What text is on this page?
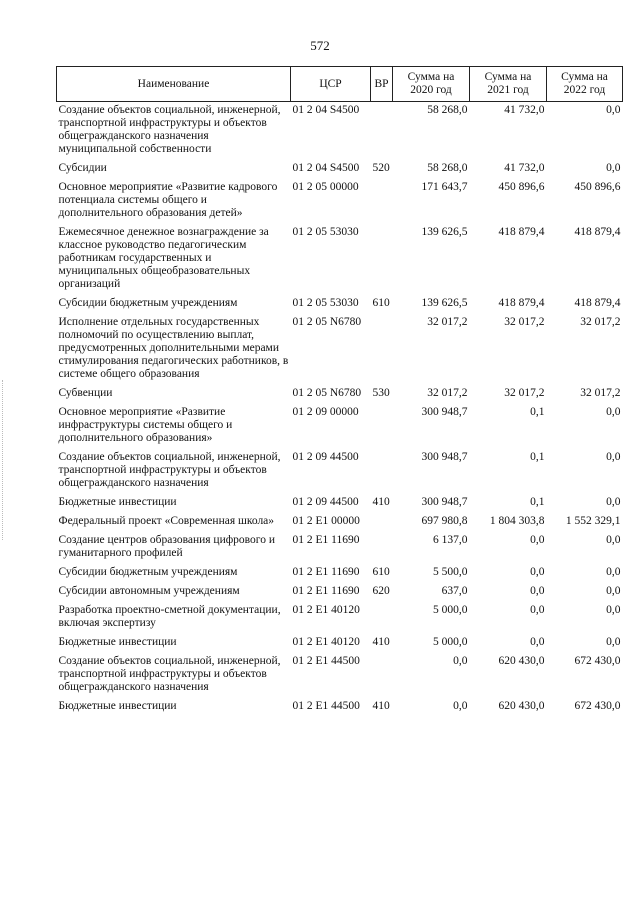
572
Наименование	ЦСР	ВР	Сумма на 2020 год	Сумма на 2021 год	Сумма на 2022 год
Создание объектов социальной, инженерной, транспортной инфраструктуры и объектов общегражданского назначения муниципальной собственности	01 2 04 S4500		58 268,0	41 732,0	0,0
Субсидии	01 2 04 S4500	520	58 268,0	41 732,0	0,0
Основное мероприятие «Развитие кадрового потенциала системы общего и дополнительного образования детей»	01 2 05 00000		171 643,7	450 896,6	450 896,6
Ежемесячное денежное вознаграждение за классное руководство педагогическим работникам государственных и муниципальных общеобразовательных организаций	01 2 05 53030		139 626,5	418 879,4	418 879,4
Субсидии бюджетным учреждениям	01 2 05 53030	610	139 626,5	418 879,4	418 879,4
Исполнение отдельных государственных полномочий по осуществлению выплат, предусмотренных дополнительными мерами стимулирования педагогических работников, в системе общего образования	01 2 05 N6780		32 017,2	32 017,2	32 017,2
Субвенции	01 2 05 N6780	530	32 017,2	32 017,2	32 017,2
Основное мероприятие «Развитие инфраструктуры системы общего и дополнительного образования»	01 2 09 00000		300 948,7	0,1	0,0
Создание объектов социальной, инженерной, транспортной инфраструктуры и объектов общегражданского назначения	01 2 09 44500		300 948,7	0,1	0,0
Бюджетные инвестиции	01 2 09 44500	410	300 948,7	0,1	0,0
Федеральный проект «Современная школа»	01 2 E1 00000		697 980,8	1 804 303,8	1 552 329,1
Создание центров образования цифрового и гуманитарного профилей	01 2 E1 11690		6 137,0	0,0	0,0
Субсидии бюджетным учреждениям	01 2 E1 11690	610	5 500,0	0,0	0,0
Субсидии автономным учреждениям	01 2 E1 11690	620	637,0	0,0	0,0
Разработка проектно-сметной документации, включая экспертизу	01 2 E1 40120		5 000,0	0,0	0,0
Бюджетные инвестиции	01 2 E1 40120	410	5 000,0	0,0	0,0
Создание объектов социальной, инженерной, транспортной инфраструктуры и объектов общегражданского назначения	01 2 E1 44500		0,0	620 430,0	672 430,0
Бюджетные инвестиции	01 2 E1 44500	410	0,0	620 430,0	672 430,0
